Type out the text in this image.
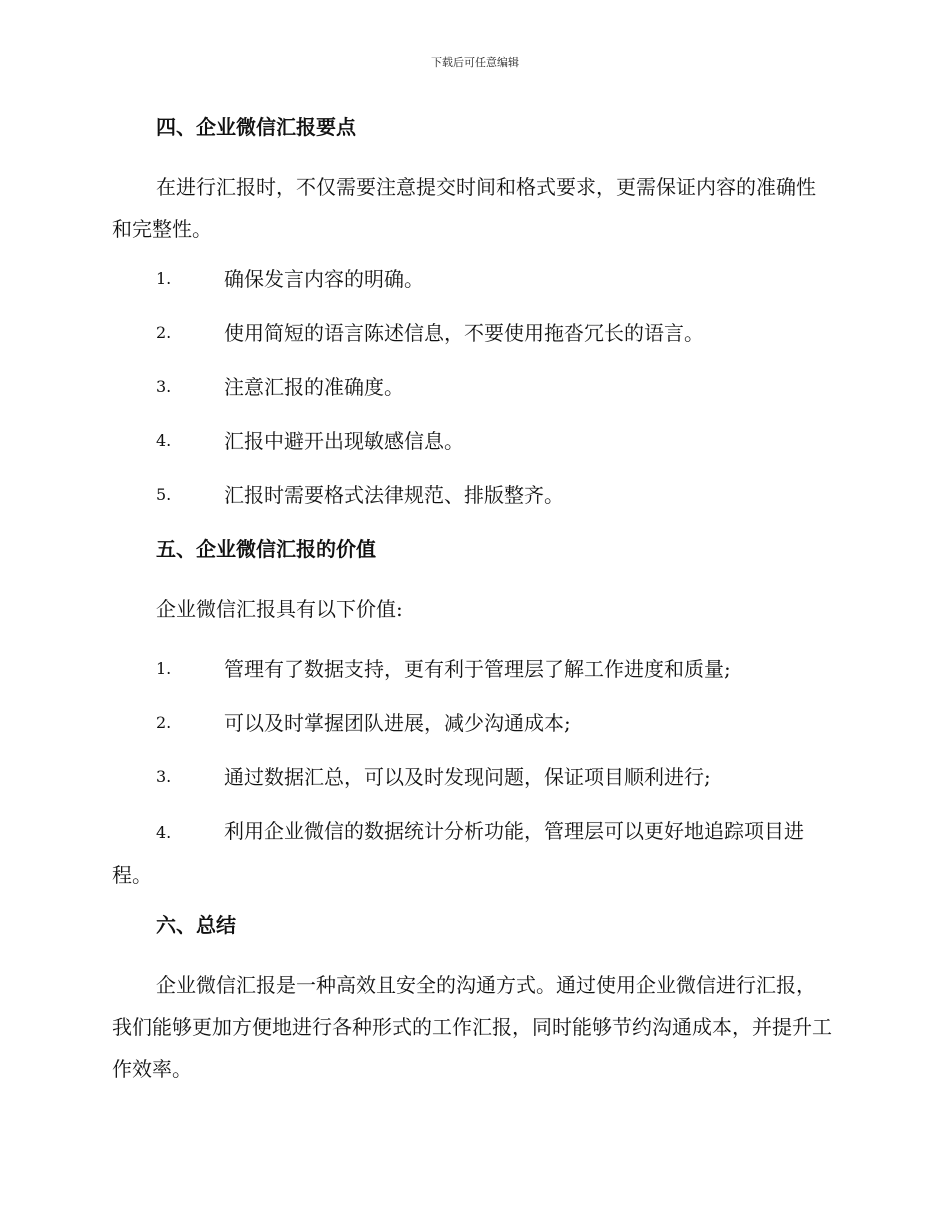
下载后可任意编辑
四、企业微信汇报要点
在进行汇报时，不仅需要注意提交时间和格式要求，更需保证内容的准确性和完整性。
1.	确保发言内容的明确。
2.	使用简短的语言陈述信息，不要使用拖沓冗长的语言。
3.	注意汇报的准确度。
4.	汇报中避开出现敏感信息。
5.	汇报时需要格式法律规范、排版整齐。
五、企业微信汇报的价值
企业微信汇报具有以下价值:
1.	管理有了数据支持，更有利于管理层了解工作进度和质量;
2.	可以及时掌握团队进展，减少沟通成本;
3.	通过数据汇总，可以及时发现问题，保证项目顺利进行;
4.	利用企业微信的数据统计分析功能，管理层可以更好地追踪项目进程。
六、总结
企业微信汇报是一种高效且安全的沟通方式。通过使用企业微信进行汇报，我们能够更加方便地进行各种形式的工作汇报，同时能够节约沟通成本，并提升工作效率。
